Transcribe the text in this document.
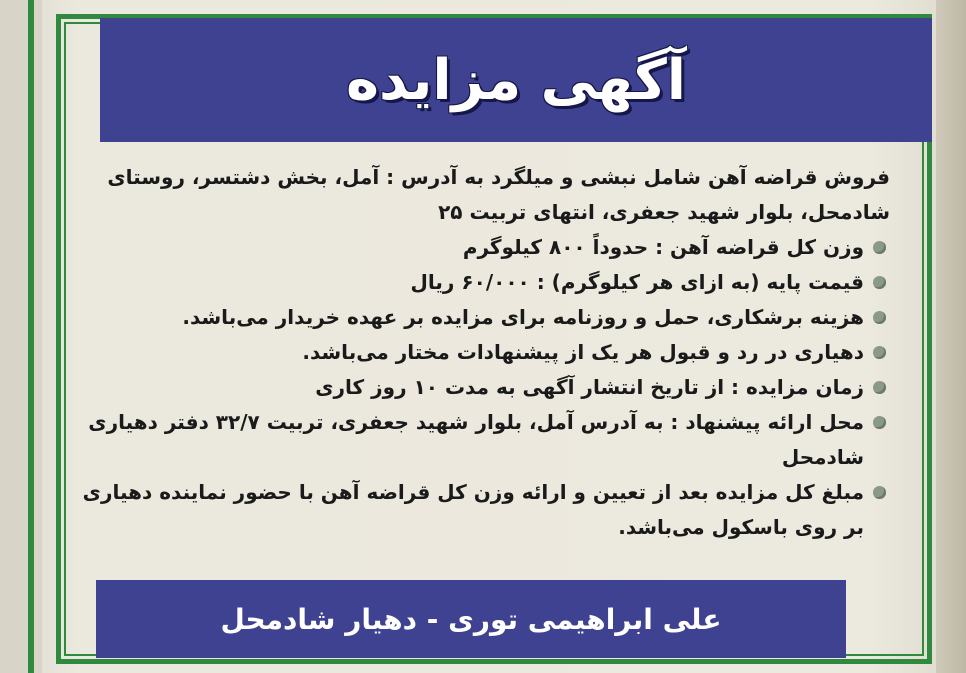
آگهی مزایده

فروش قراضه آهن شامل نبشی و میلگرد به آدرس : آمل، بخش دشتسر، روستای شادمحل، بلوار شهید جعفری، انتهای تربیت ۲۵

وزن کل قراضه آهن : حدوداً ۸۰۰ کیلوگرم
قیمت پایه (به ازای هر کیلوگرم) : ۶۰/۰۰۰ ریال
هزینه برشکاری، حمل و روزنامه برای مزایده بر عهده خریدار می‌باشد.
دهیاری در رد و قبول هر یک از پیشنهادات مختار می‌باشد.
زمان مزایده : از تاریخ انتشار آگهی به مدت ۱۰ روز کاری
محل ارائه پیشنهاد : به آدرس آمل، بلوار شهید جعفری، تربیت ۳۲/۷ دفتر دهیاری شادمحل
مبلغ کل مزایده بعد از تعیین و ارائه وزن کل قراضه آهن با حضور نماینده دهیاری بر روی باسکول می‌باشد.
علی ابراهیمی توری - دهیار شادمحل
